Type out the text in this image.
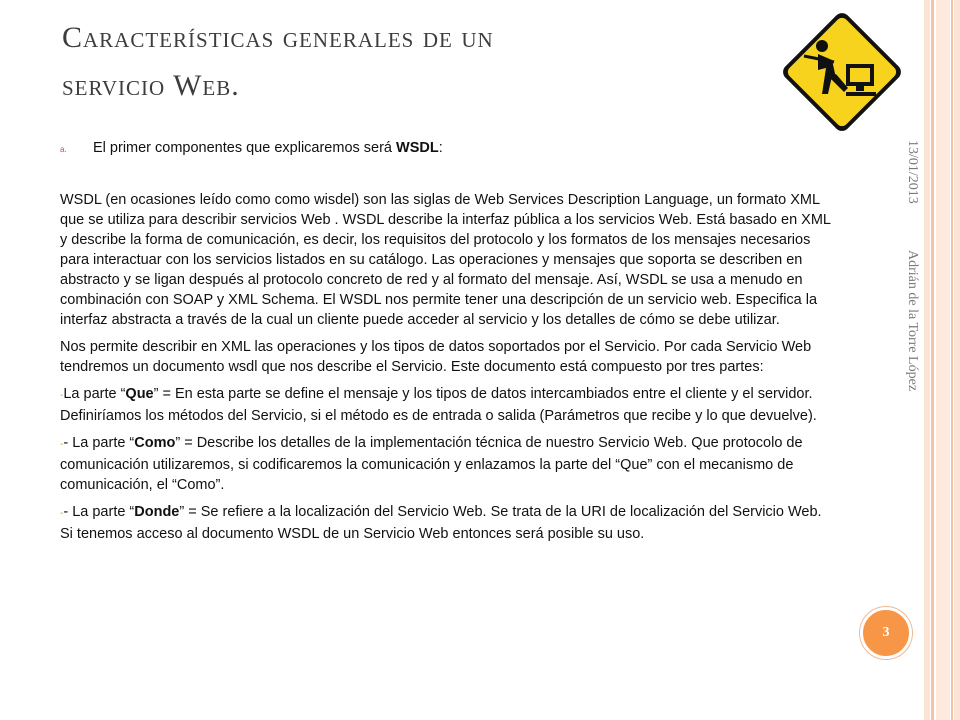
Características generales de un
servicio Web.
a.	El primer componentes que explicaremos será WSDL:

WSDL (en ocasiones leído como como wisdel) son las siglas de Web Services Description Language, un formato XML que se utiliza para describir servicios Web . WSDL describe la interfaz pública a los servicios Web. Está basado en XML y describe la forma de comunicación, es decir, los requisitos del protocolo y los formatos de los mensajes necesarios para interactuar con los servicios listados en su catálogo. Las operaciones y mensajes que soporta se describen en abstracto y se ligan después al protocolo concreto de red y al formato del mensaje. Así, WSDL se usa a menudo en combinación con SOAP y XML Schema. El WSDL nos permite tener una descripción de un servicio web. Especifica la interfaz abstracta a través de la cual un cliente puede acceder al servicio y los detalles de cómo se debe utilizar.

Nos permite describir en XML las operaciones y los tipos de datos soportados por el Servicio. Por cada Servicio Web tendremos un documento wsdl que nos describe el Servicio. Este documento está compuesto por tres partes:

-La parte “Que” = En esta parte se define el mensaje y los tipos de datos intercambiados entre el cliente y el servidor. Definiríamos los métodos del Servicio, si el método es de entrada o salida (Parámetros que recibe y lo que devuelve).

-- La parte “Como” = Describe los detalles de la implementación técnica de nuestro Servicio Web. Que protocolo de comunicación utilizaremos, si codificaremos la comunicación y enlazamos la parte del “Que” con el mecanismo de comunicación, el “Como”.

-- La parte “Donde” = Se refiere a la localización del Servicio Web. Se trata de la URI de localización del Servicio Web. Si tenemos acceso al documento WSDL de un Servicio Web entonces será posible su uso.

13/01/2013
Adrián de la Torre López
3
